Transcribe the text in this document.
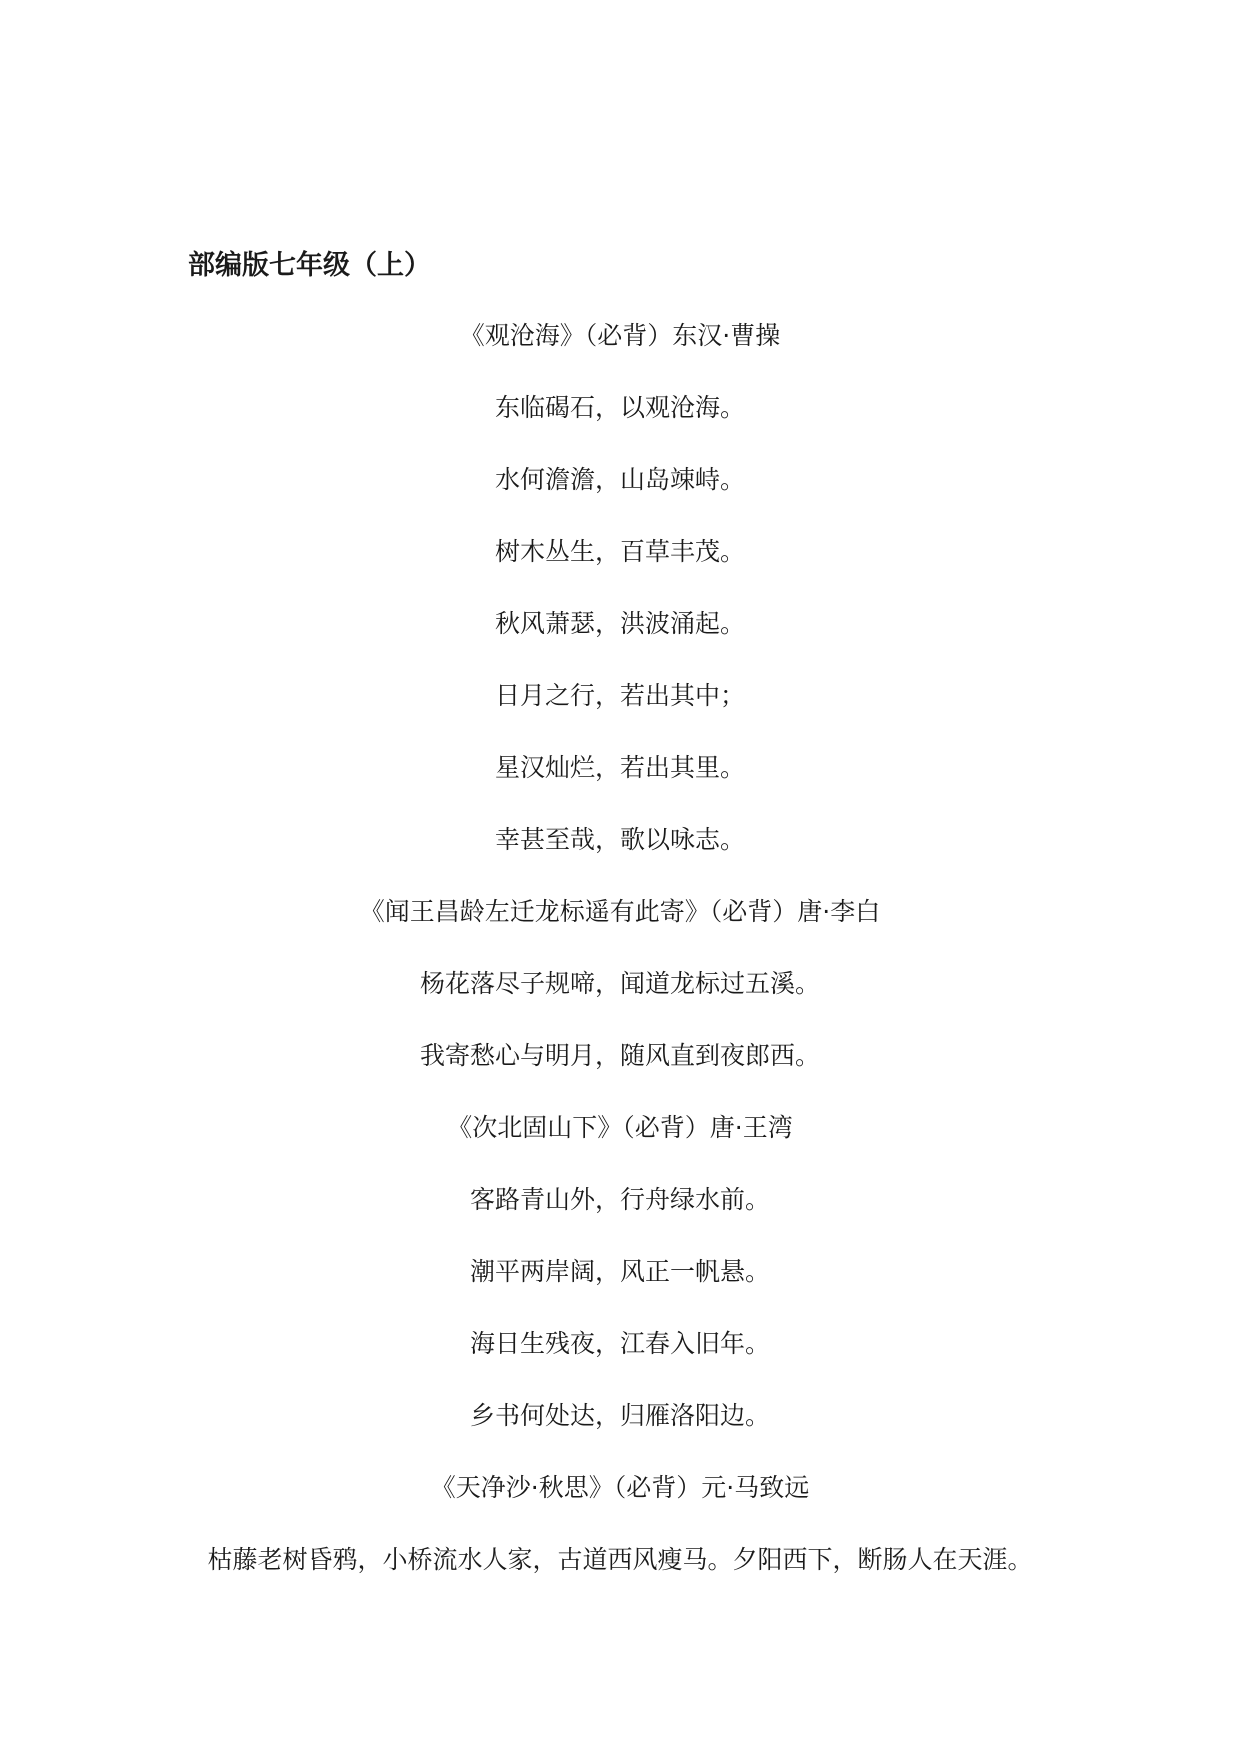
部编版七年级（上）
《观沧海》（必背）东汉·曹操
东临碣石，以观沧海。
水何澹澹，山岛竦峙。
树木丛生，百草丰茂。
秋风萧瑟，洪波涌起。
日月之行，若出其中；
星汉灿烂，若出其里。
幸甚至哉，歌以咏志。
《闻王昌龄左迁龙标遥有此寄》（必背）唐·李白
杨花落尽子规啼，闻道龙标过五溪。
我寄愁心与明月，随风直到夜郎西。
《次北固山下》（必背）唐·王湾
客路青山外，行舟绿水前。
潮平两岸阔，风正一帆悬。
海日生残夜，江春入旧年。
乡书何处达，归雁洛阳边。
《天净沙·秋思》（必背）元·马致远
枯藤老树昏鸦，小桥流水人家，古道西风瘦马。夕阳西下，断肠人在天涯。
